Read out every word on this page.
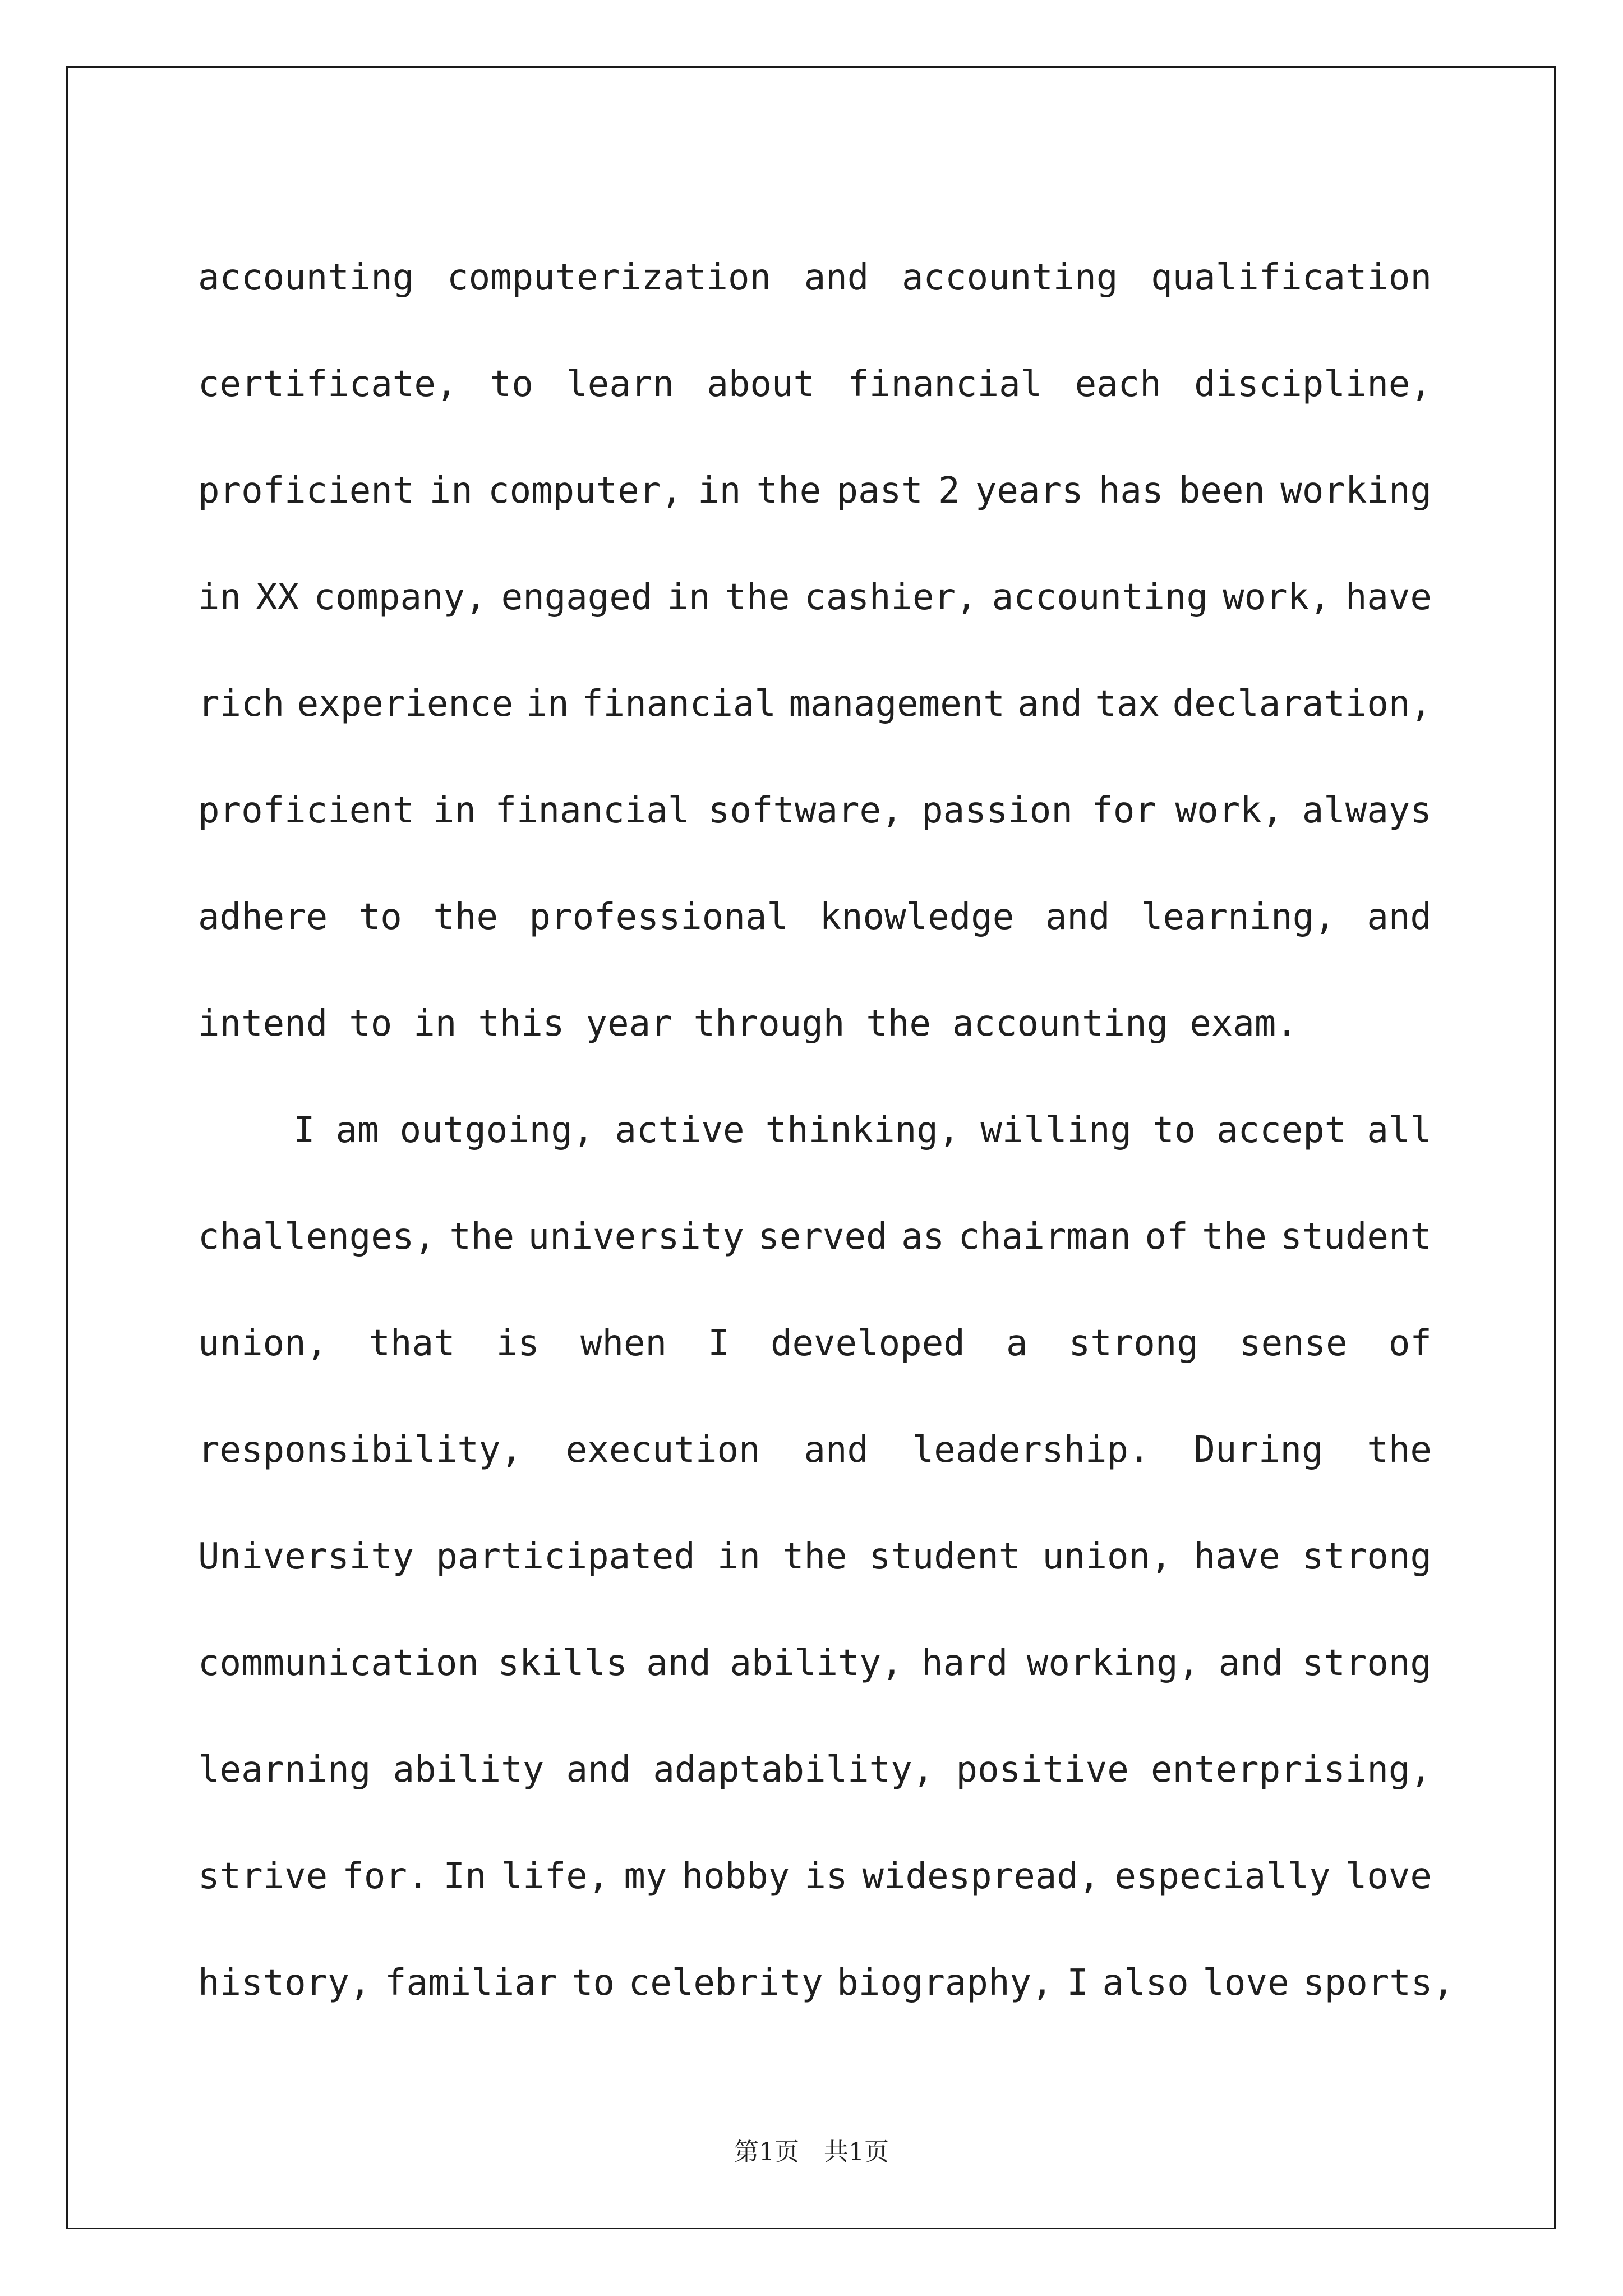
accounting computerization and accounting qualification
certificate, to learn about financial each discipline,
proficient in computer, in the past 2 years has been working
in XX company, engaged in the cashier, accounting work, have
rich experience in financial management and tax declaration,
proficient in financial software, passion for work, always
adhere to the professional knowledge and learning, and
intend to in this year through the accounting exam.
I am outgoing, active thinking, willing to accept all
challenges, the university served as chairman of the student
union, that is when I developed a strong sense of
responsibility, execution and leadership. During the
University participated in the student union, have strong
communication skills and ability, hard working, and strong
learning ability and adaptability, positive enterprising,
strive for. In life, my hobby is widespread, especially love
history, familiar to celebrity biography, I also love sports,
第1页　共1页
